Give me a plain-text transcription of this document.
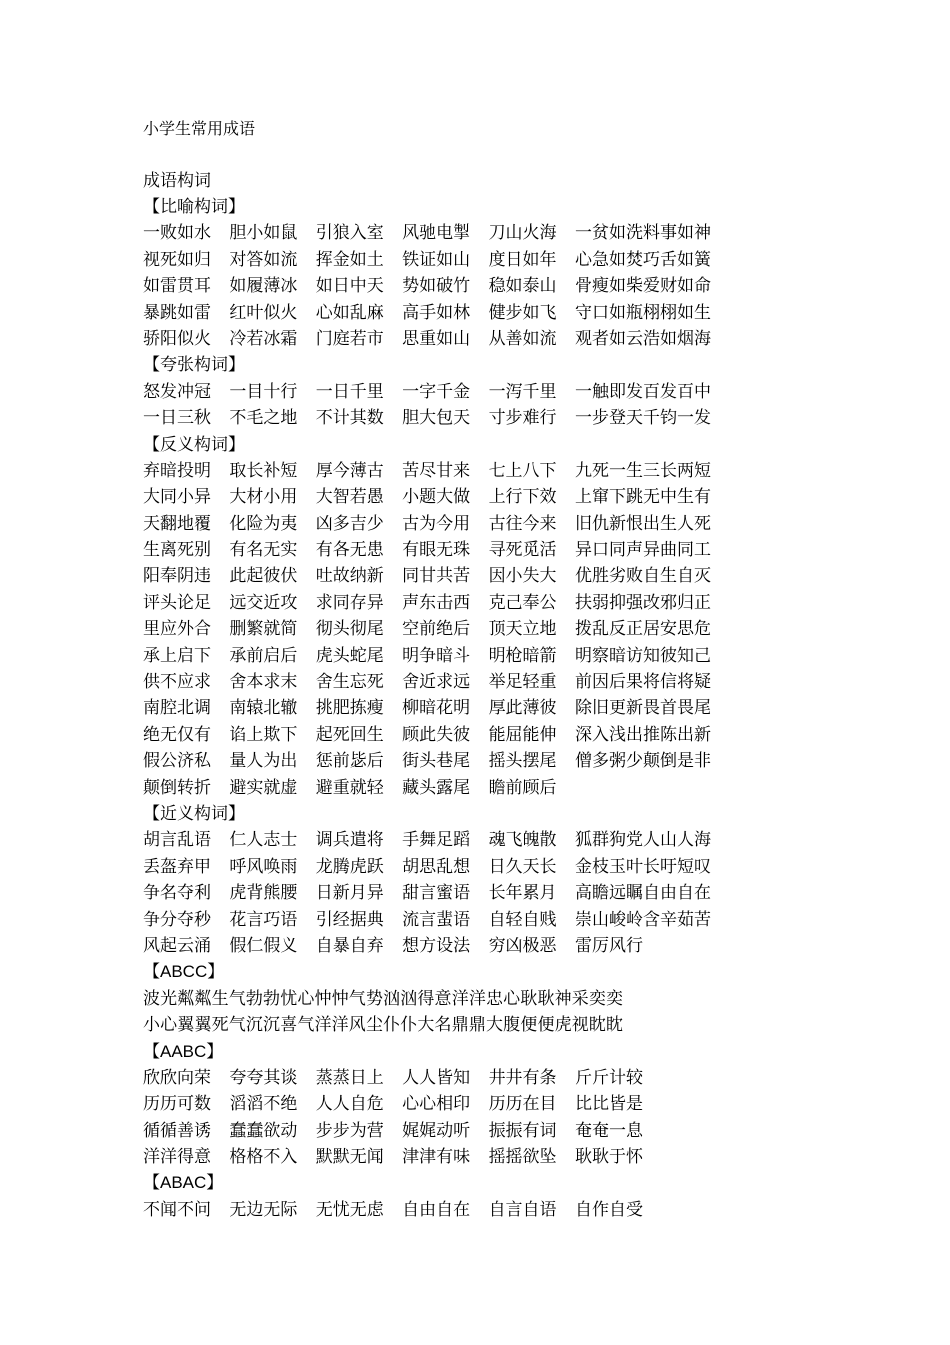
小学生常用成语
成语构词
【比喻构词】
一败如水	胆小如鼠	引狼入室	风驰电掣	刀山火海	一贫如洗料事如神
视死如归	对答如流	挥金如土	铁证如山	度日如年	心急如焚巧舌如簧
如雷贯耳	如履薄冰	如日中天	势如破竹	稳如泰山	骨瘦如柴爱财如命
暴跳如雷	红叶似火	心如乱麻	高手如林	健步如飞	守口如瓶栩栩如生
骄阳似火	冷若冰霜	门庭若市	思重如山	从善如流	观者如云浩如烟海
【夸张构词】
怒发冲冠	一目十行	一日千里	一字千金	一泻千里	一触即发百发百中
一日三秋	不毛之地	不计其数	胆大包天	寸步难行	一步登天千钧一发
【反义构词】
弃暗投明	取长补短	厚今薄古	苦尽甘来	七上八下	九死一生三长两短
大同小异	大材小用	大智若愚	小题大做	上行下效	上窜下跳无中生有
天翻地覆	化险为夷	凶多吉少	古为今用	古往今来	旧仇新恨出生人死
生离死别	有名无实	有各无患	有眼无珠	寻死觅活	异口同声异曲同工
阳奉阴违	此起彼伏	吐故纳新	同甘共苦	因小失大	优胜劣败自生自灭
评头论足	远交近攻	求同存异	声东击西	克己奉公	扶弱抑强改邪归正
里应外合	删繁就简	彻头彻尾	空前绝后	顶天立地	拨乱反正居安思危
承上启下	承前启后	虎头蛇尾	明争暗斗	明枪暗箭	明察暗访知彼知己
供不应求	舍本求末	舍生忘死	舍近求远	举足轻重	前因后果将信将疑
南腔北调	南辕北辙	挑肥拣瘦	柳暗花明	厚此薄彼	除旧更新畏首畏尾
绝无仅有	谄上欺下	起死回生	顾此失彼	能屈能伸	深入浅出推陈出新
假公济私	量人为出	惩前毖后	街头巷尾	摇头摆尾	僧多粥少颠倒是非
颠倒转折	避实就虚	避重就轻	藏头露尾	瞻前顾后
【近义构词】
胡言乱语	仁人志士	调兵遣将	手舞足蹈	魂飞魄散	狐群狗党人山人海
丢盔弃甲	呼风唤雨	龙腾虎跃	胡思乱想	日久天长	金枝玉叶长吁短叹
争名夺利	虎背熊腰	日新月异	甜言蜜语	长年累月	高瞻远瞩自由自在
争分夺秒	花言巧语	引经据典	流言蜚语	自轻自贱	崇山峻岭含辛茹苦
风起云涌	假仁假义	自暴自弃	想方设法	穷凶极恶	雷厉风行
【ABCC】
波光粼粼生气勃勃忧心忡忡气势汹汹得意洋洋忠心耿耿神采奕奕
小心翼翼死气沉沉喜气洋洋风尘仆仆大名鼎鼎大腹便便虎视眈眈
【AABC】
欣欣向荣	夸夸其谈	蒸蒸日上	人人皆知	井井有条	斤斤计较
历历可数	滔滔不绝	人人自危	心心相印	历历在目	比比皆是
循循善诱	蠢蠢欲动	步步为营	娓娓动听	振振有词	奄奄一息
洋洋得意	格格不入	默默无闻	津津有味	摇摇欲坠	耿耿于怀
【ABAC】
不闻不问	无边无际	无忧无虑	自由自在	自言自语	自作自受
